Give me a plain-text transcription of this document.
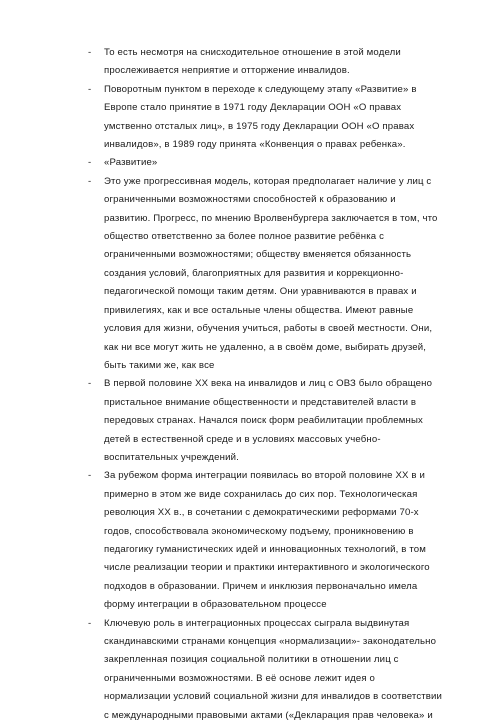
-	То есть несмотря на снисходительное отношение в этой модели
прослеживается неприятие и отторжение инвалидов.
-	Поворотным пунктом в переходе к следующему этапу «Развитие» в
Европе стало принятие в 1971 году Декларации ООН «О правах
умственно отсталых лиц», в 1975 году Декларации ООН «О правах
инвалидов», в 1989 году принята «Конвенция о правах ребенка».
-	«Развитие»
-	Это уже прогрессивная модель, которая предполагает наличие у лиц с
ограниченными возможностями способностей к образованию и
развитию. Прогресс, по мнению Вролвенбургера заключается в том, что
общество ответственно за более полное развитие ребёнка с
ограниченными возможностями; обществу вменяется обязанность
создания условий, благоприятных для развития и коррекционно-
педагогической помощи таким детям. Они уравниваются в правах и
привилегиях, как и все остальные члены общества. Имеют равные
условия для жизни, обучения учиться, работы в своей местности. Они,
как ни все могут жить не удаленно, а в своём доме, выбирать друзей,
быть такими же, как все
-	В первой половине ХХ века на инвалидов и лиц с ОВЗ было обращено
пристальное внимание общественности и представителей власти в
передовых странах. Начался поиск форм реабилитации проблемных
детей в естественной среде и в условиях массовых учебно-
воспитательных учреждений.
-	За рубежом форма интеграции появилась во второй половине ХХ в и
примерно в этом же виде сохранилась до сих пор. Технологическая
революция ХХ в., в сочетании с демократическими реформами 70-х
годов, способствовала экономическому подъему, проникновению в
педагогику гуманистических идей и инновационных технологий, в том
числе реализации теории и практики интерактивного и экологического
подходов в образовании. Причем и инклюзия первоначально имела
форму интеграции в образовательном процессе
-	Ключевую роль в интеграционных процессах сыграла выдвинутая
скандинавскими странами концепция «нормализации»- законодательно
закрепленная позиция социальной политики в отношении лиц с
ограниченными возможностями. В её основе лежит идея о
нормализации условий социальной жизни для инвалидов в соответствии
с международными правовыми актами («Декларация прав человека» и
